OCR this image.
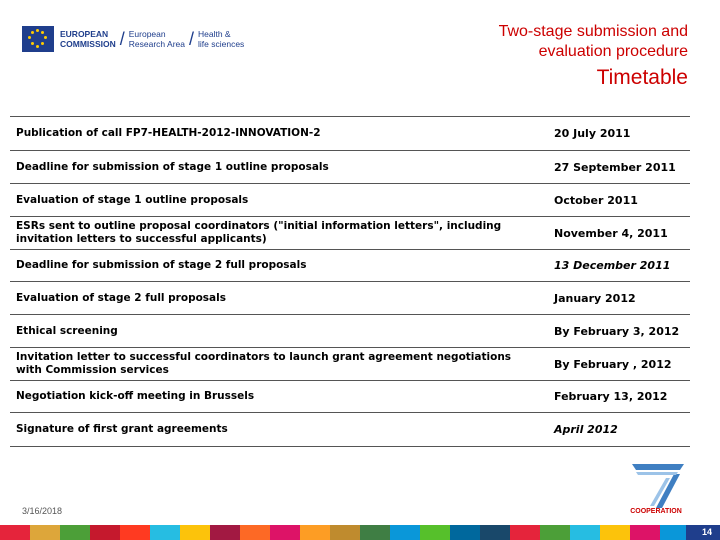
EUROPEAN
COMMISSION / European
Research Area / Health &
life sciences
Two-stage submission and
evaluation procedure
Timetable
Publication of call FP7-HEALTH-2012-INNOVATION-2	20 July 2011
Deadline for submission of stage 1 outline proposals	27 September 2011
Evaluation of stage 1 outline proposals	October 2011
ESRs sent to outline proposal coordinators ("initial information letters", including invitation letters to successful applicants)	November 4, 2011
Deadline for submission of stage 2 full proposals	13 December 2011
Evaluation of stage 2 full proposals	January 2012
Ethical screening	By February 3, 2012
Invitation letter to successful coordinators to launch grant agreement negotiations with Commission services	By February , 2012
Negotiation kick-off meeting in Brussels	February 13, 2012
Signature of first grant agreements	April 2012
3/16/2018	COOPERATION
14
